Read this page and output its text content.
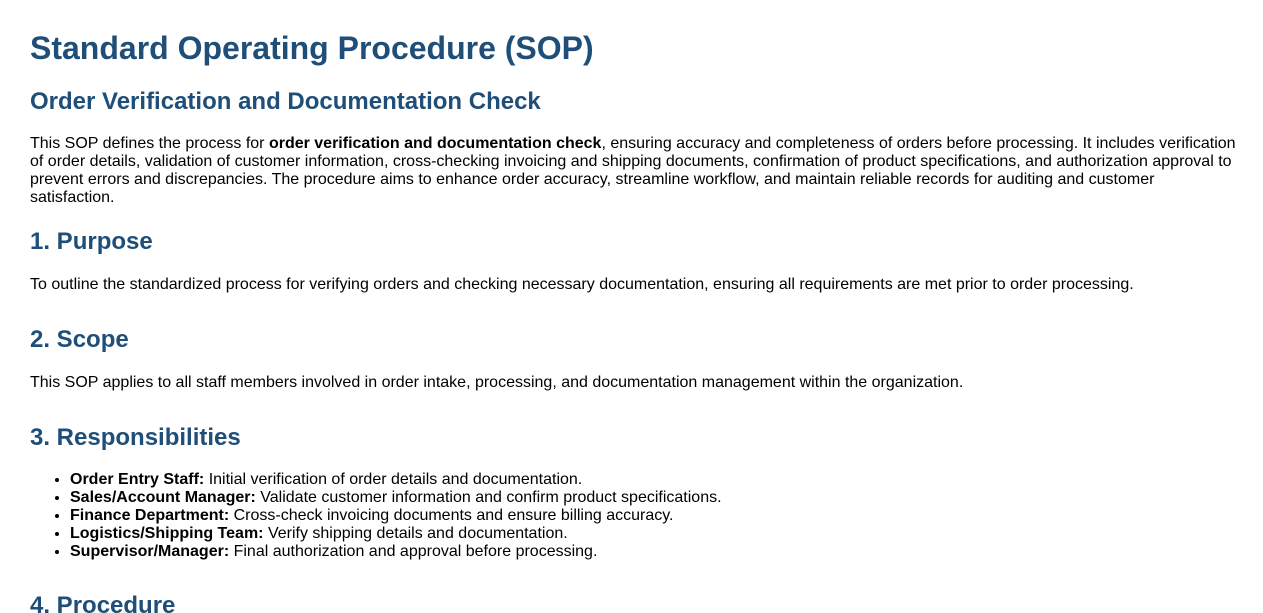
Standard Operating Procedure (SOP)
Order Verification and Documentation Check

This SOP defines the process for order verification and documentation check, ensuring accuracy and completeness of orders before processing. It includes verification of order details, validation of customer information, cross-checking invoicing and shipping documents, confirmation of product specifications, and authorization approval to prevent errors and discrepancies. The procedure aims to enhance order accuracy, streamline workflow, and maintain reliable records for auditing and customer satisfaction.

1. Purpose

To outline the standardized process for verifying orders and checking necessary documentation, ensuring all requirements are met prior to order processing.

2. Scope

This SOP applies to all staff members involved in order intake, processing, and documentation management within the organization.

3. Responsibilities
• Order Entry Staff: Initial verification of order details and documentation.
• Sales/Account Manager: Validate customer information and confirm product specifications.
• Finance Department: Cross-check invoicing documents and ensure billing accuracy.
• Logistics/Shipping Team: Verify shipping details and documentation.
• Supervisor/Manager: Final authorization and approval before processing.
4. Procedure
